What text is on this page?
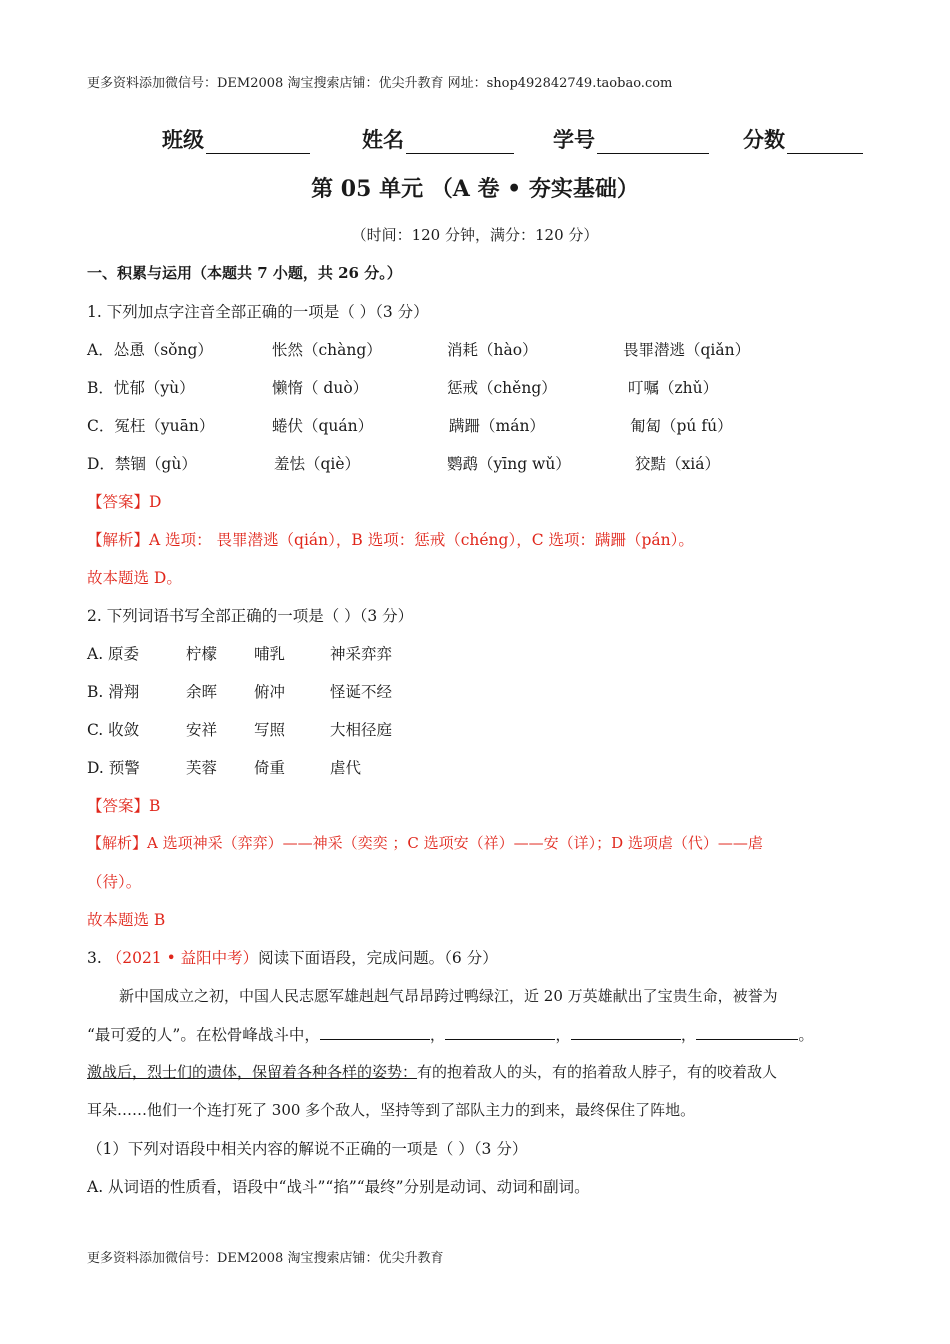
更多资料添加微信号：DEM2008 淘宝搜索店铺：优尖升教育 网址：shop492842749.taobao.com
班级	姓名	学号	分数
第 05 单元 （A 卷 • 夯实基础）
（时间：120 分钟，满分：120 分）
一、积累与运用（本题共 7 小题，共 26 分。）
1. 下列加点字注音全部正确的一项是（ ）（3 分）
A．怂恿（sǒng）	怅然（chàng）	消耗（hào）	畏罪潜逃（qiǎn）
B．忧郁（yù）	懒惰（ duò）	惩戒（chěng）	叮嘱（zhǔ）
C．冤枉（yuān）	蜷伏（quán）	蹒跚（mán）	匍匐（pú fú）
D．禁锢（gù）	羞怯（qiè）	鹦鹉（yīng wǔ）	狡黠（xiá）
【答案】D
【解析】A 选项： 畏罪潜逃（qián），B 选项：惩戒（chéng），C 选项：蹒跚（pán）。
故本题选 D。
2. 下列词语书写全部正确的一项是（ ）（3 分）
A. 原委	柠檬 哺乳	神采弈弈
B. 滑翔	余晖 俯冲	怪诞不经
C. 收敛	安祥 写照	大相径庭
D. 预警	芙蓉 倚重	虐代
【答案】B
【解析】A 选项神采（弈弈）——神采（奕奕 ；C 选项安（祥）——安（详）；D 选项虐（代）——虐
（待）。
故本题选 B
3. （2021 • 益阳中考）阅读下面语段，完成问题。（6 分）
新中国成立之初，中国人民志愿军雄赳赳气昂昂跨过鸭绿江，近 20 万英雄献出了宝贵生命，被誉为
“最可爱的人”。在松骨峰战斗中，	，	，	，	。
激战后，烈士们的遗体，保留着各种各样的姿势：有的抱着敌人的头，有的掐着敌人脖子，有的咬着敌人
耳朵……他们一个连打死了 300 多个敌人，坚持等到了部队主力的到来，最终保住了阵地。
（1）下列对语段中相关内容的解说不正确的一项是（ ）（3 分）
A. 从词语的性质看，语段中“战斗”“掐”“最终”分别是动词、动词和副词。
更多资料添加微信号：DEM2008 淘宝搜索店铺：优尖升教育
